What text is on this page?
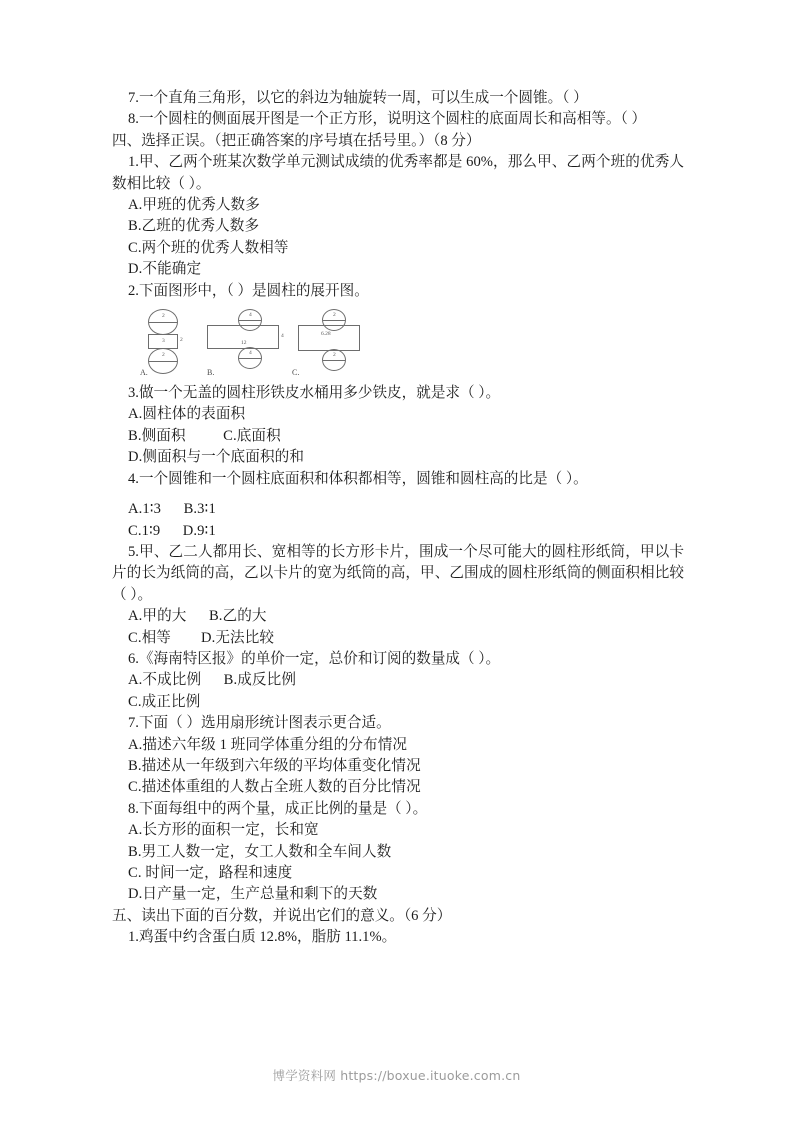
7.一个直角三角形，以它的斜边为轴旋转一周，可以生成一个圆锥。（ ）
8.一个圆柱的侧面展开图是一个正方形，说明这个圆柱的底面周长和高相等。（ ）
四、选择正误。（把正确答案的序号填在括号里。）（8 分）
1.甲、乙两个班某次数学单元测试成绩的优秀率都是 60%，那么甲、乙两个班的优秀人数相比较（ ）。
A.甲班的优秀人数多
B.乙班的优秀人数多
C.两个班的优秀人数相等
D.不能确定
2.下面图形中，（ ）是圆柱的展开图。
2
3	2
2
A.
4
12
4
4
B.
2
6.28
2
C.
3.做一个无盖的圆柱形铁皮水桶用多少铁皮，就是求（ ）。
A.圆柱体的表面积
B.侧面积          C.底面积
D.侧面积与一个底面积的和
4.一个圆锥和一个圆柱底面积和体积都相等，圆锥和圆柱高的比是（ ）。
A.1∶3      B.3∶1
C.1∶9      D.9∶1
5.甲、乙二人都用长、宽相等的长方形卡片，围成一个尽可能大的圆柱形纸筒，甲以卡片的长为纸筒的高，乙以卡片的宽为纸筒的高，甲、乙围成的圆柱形纸筒的侧面积相比较（ ）。
A.甲的大      B.乙的大
C.相等        D.无法比较
6.《海南特区报》的单价一定，总价和订阅的数量成（ ）。
A.不成比例      B.成反比例
C.成正比例
7.下面（ ）选用扇形统计图表示更合适。
A.描述六年级 1 班同学体重分组的分布情况
B.描述从一年级到六年级的平均体重变化情况
C.描述体重组的人数占全班人数的百分比情况
8.下面每组中的两个量，成正比例的量是（ ）。
A.长方形的面积一定，长和宽
B.男工人数一定，女工人数和全车间人数
C. 时间一定，路程和速度
D.日产量一定，生产总量和剩下的天数
五、读出下面的百分数，并说出它们的意义。（6 分）
1.鸡蛋中约含蛋白质 12.8%，脂肪 11.1%。
博学资料网 https://boxue.ituoke.com.cn
